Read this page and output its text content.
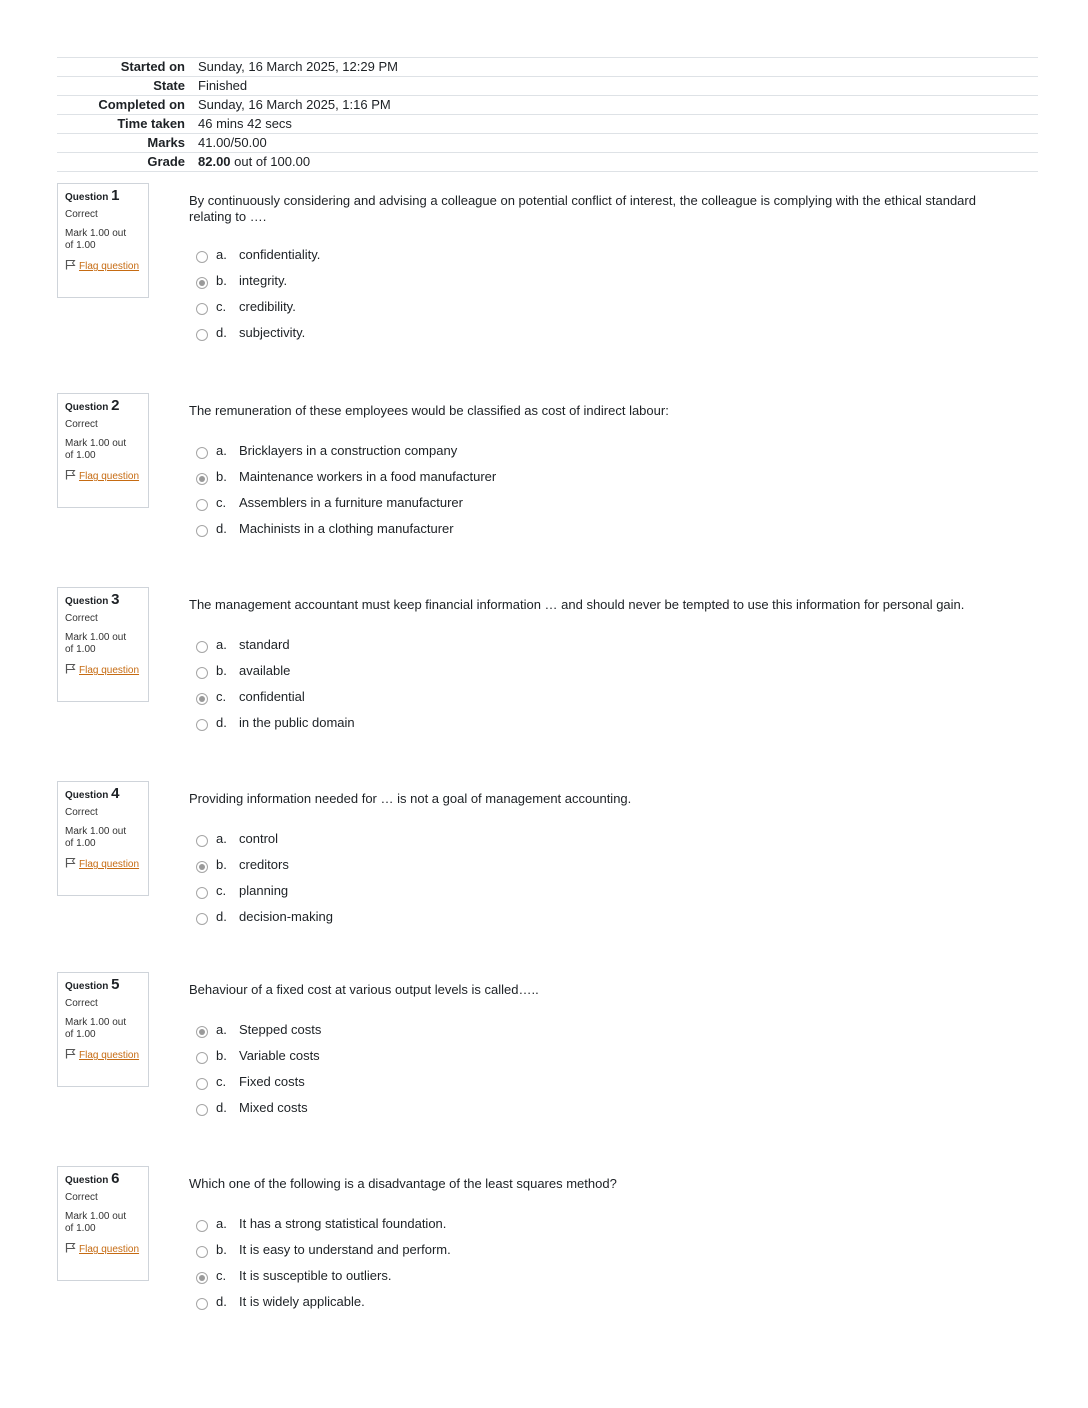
Started on	Sunday, 16 March 2025, 12:29 PM
State	Finished
Completed on	Sunday, 16 March 2025, 1:16 PM
Time taken	46 mins 42 secs
Marks	41.00/50.00
Grade	82.00 out of 100.00
Question 1
Correct
Mark 1.00 out of 1.00
Flag question
By continuously considering and advising a colleague on potential conflict of interest, the colleague is complying with the ethical standard relating to ….
a. confidentiality.
b. integrity.
c. credibility.
d. subjectivity.
Question 2
Correct
Mark 1.00 out of 1.00
Flag question
The remuneration of these employees would be classified as cost of indirect labour:
a. Bricklayers in a construction company
b. Maintenance workers in a food manufacturer
c. Assemblers in a furniture manufacturer
d. Machinists in a clothing manufacturer
Question 3
Correct
Mark 1.00 out of 1.00
Flag question
The management accountant must keep financial information … and should never be tempted to use this information for personal gain.
a. standard
b. available
c. confidential
d. in the public domain
Question 4
Correct
Mark 1.00 out of 1.00
Flag question
Providing information needed for … is not a goal of management accounting.
a. control
b. creditors
c. planning
d. decision-making
Question 5
Correct
Mark 1.00 out of 1.00
Flag question
Behaviour of a fixed cost at various output levels is called…..
a. Stepped costs
b. Variable costs
c. Fixed costs
d. Mixed costs
Question 6
Correct
Mark 1.00 out of 1.00
Flag question
Which one of the following is a disadvantage of the least squares method?
a. It has a strong statistical foundation.
b. It is easy to understand and perform.
c. It is susceptible to outliers.
d. It is widely applicable.
